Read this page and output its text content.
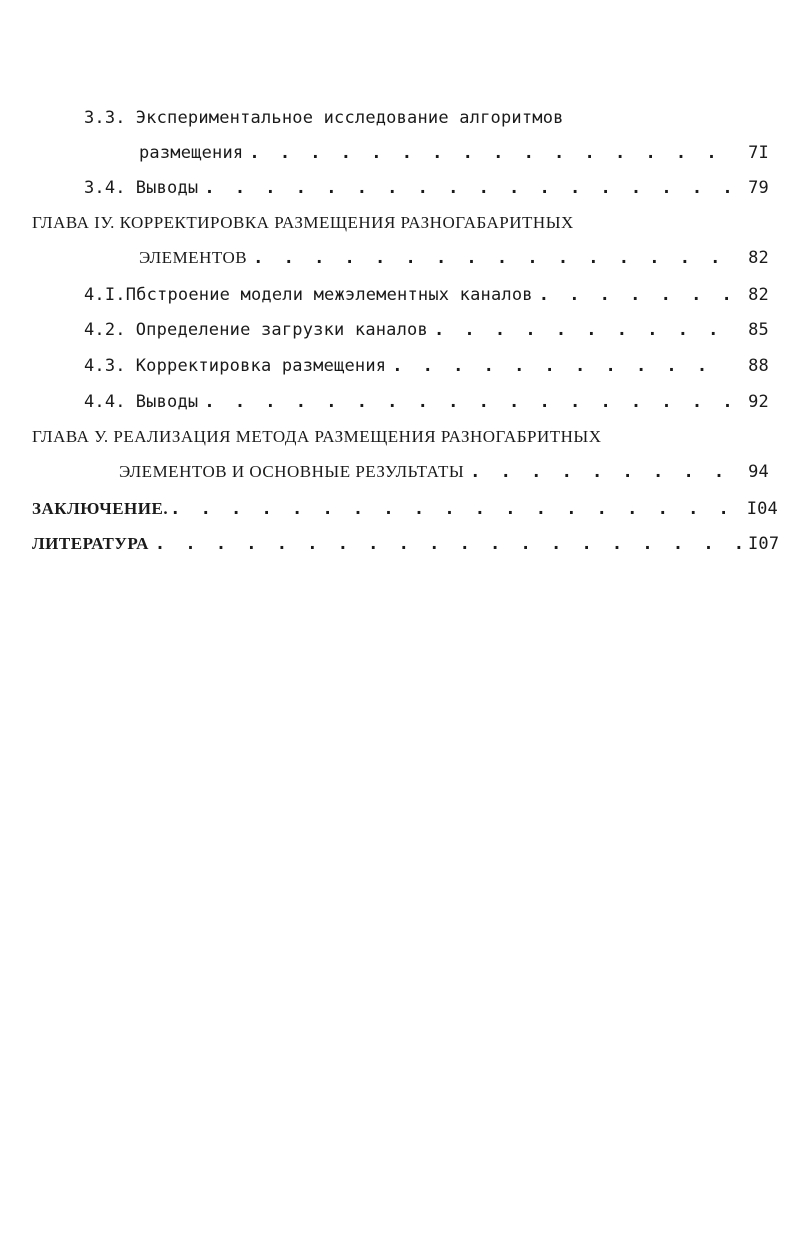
3.3. Экспериментальное исследование алгоритмов
размещения . . .	7I
3.4. Выводы . . .	79
ГЛАВА IУ. КОРРЕКТИРОВКА РАЗМЕЩЕНИЯ РАЗНОГАБАРИТНЫХ
ЭЛЕМЕНТОВ . . .	82
4.I. Пбстроение модели межэлементных каналов . . .	82
4.2. Определение загрузки каналов . . .	85
4.3. Корректировка размещения . . .	88
4.4. Выводы . . .	92
ГЛАВА У. РЕАЛИЗАЦИЯ МЕТОДА РАЗМЕЩЕНИЯ РАЗНОГАБРИТНЫХ
ЭЛЕМЕНТОВ И ОСНОВНЫЕ РЕЗУЛЬТАТЫ . . .	94
ЗАКЛЮЧЕНИЕ. . . .	I04
ЛИТЕРАТУРА . . .	I07
